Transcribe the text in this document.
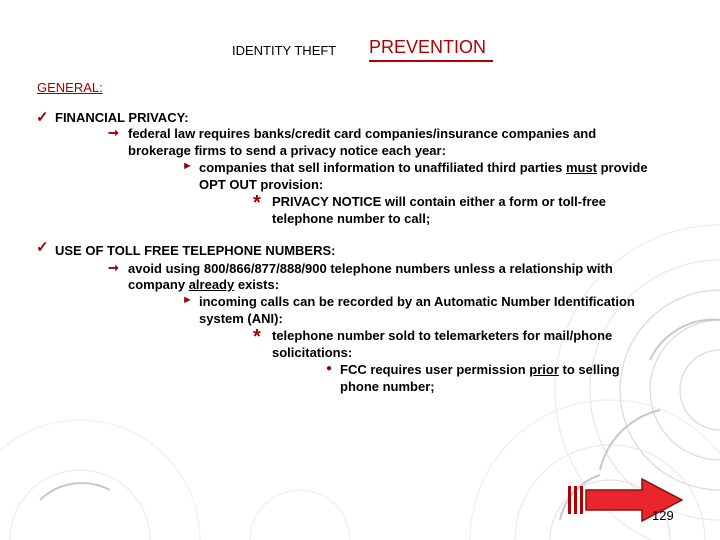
IDENTITY THEFT PREVENTION
GENERAL:
✓ FINANCIAL PRIVACY:
➞ federal law requires banks/credit card companies/insurance companies and
brokerage firms to send a privacy notice each year:
► companies that sell information to unaffiliated third parties must provide
OPT OUT provision:
* PRIVACY NOTICE will contain either a form or toll-free
telephone number to call;
✓ USE OF TOLL FREE TELEPHONE NUMBERS:
➞ avoid using 800/866/877/888/900 telephone numbers unless a relationship with
company already exists:
► incoming calls can be recorded by an Automatic Number Identification
system (ANI):
* telephone number sold to telemarketers for mail/phone
solicitations:
● FCC requires user permission prior to selling
phone number;
129
